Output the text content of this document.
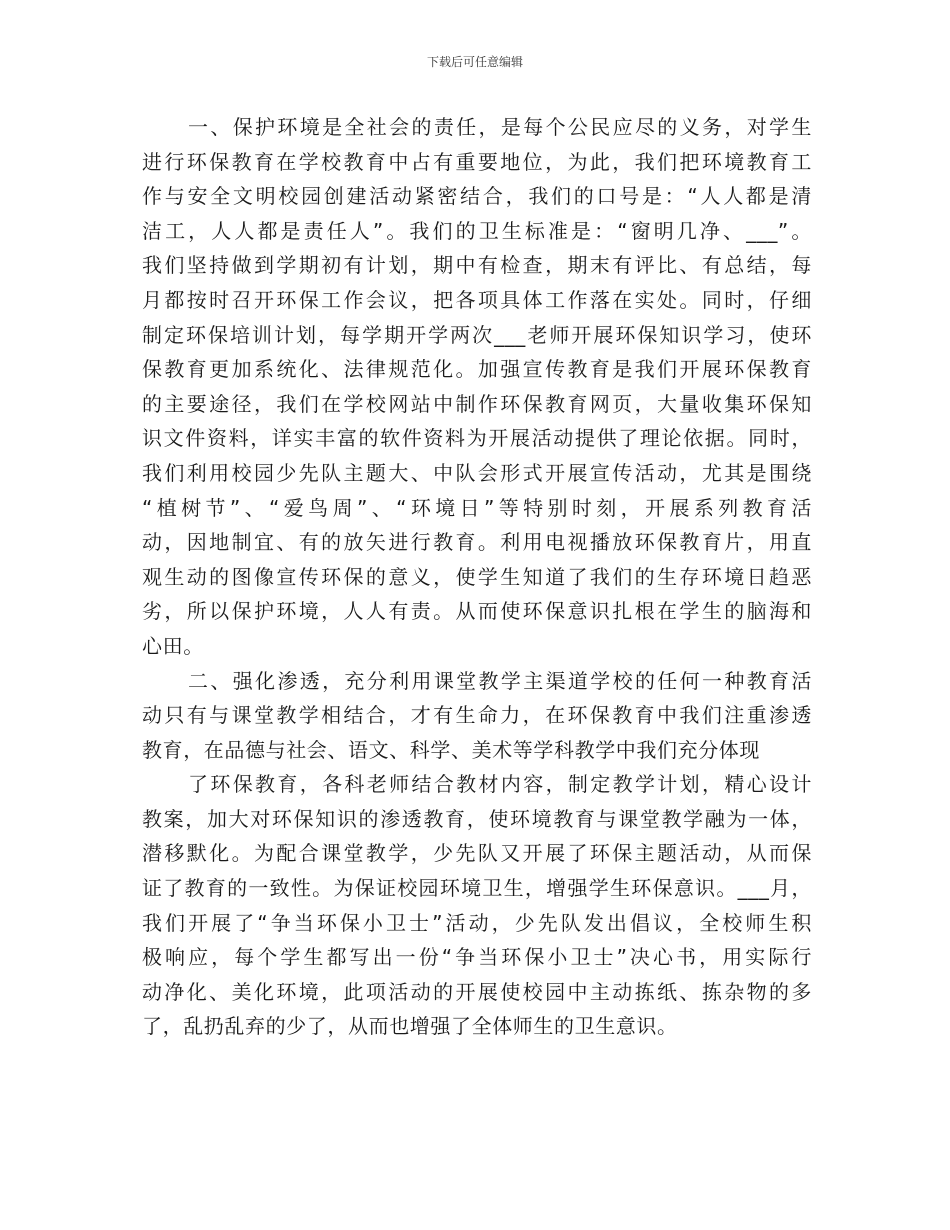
下载后可任意编辑
一、保护环境是全社会的责任，是每个公民应尽的义务，对学生
进行环保教育在学校教育中占有重要地位，为此，我们把环境教育工
作与安全文明校园创建活动紧密结合，我们的口号是：“人人都是清
洁工，人人都是责任人”。我们的卫生标准是：“窗明几净、___”。
我们坚持做到学期初有计划，期中有检查，期末有评比、有总结，每
月都按时召开环保工作会议，把各项具体工作落在实处。同时，仔细
制定环保培训计划，每学期开学两次___老师开展环保知识学习，使环
保教育更加系统化、法律规范化。加强宣传教育是我们开展环保教育
的主要途径，我们在学校网站中制作环保教育网页，大量收集环保知
识文件资料，详实丰富的软件资料为开展活动提供了理论依据。同时，
我们利用校园少先队主题大、中队会形式开展宣传活动，尤其是围绕
“植树节”、“爱鸟周”、“环境日”等特别时刻，开展系列教育活
动，因地制宜、有的放矢进行教育。利用电视播放环保教育片，用直
观生动的图像宣传环保的意义，使学生知道了我们的生存环境日趋恶
劣，所以保护环境，人人有责。从而使环保意识扎根在学生的脑海和
心田。
二、强化渗透，充分利用课堂教学主渠道学校的任何一种教育活
动只有与课堂教学相结合，才有生命力，在环保教育中我们注重渗透
教育，在品德与社会、语文、科学、美术等学科教学中我们充分体现
了环保教育，各科老师结合教材内容，制定教学计划，精心设计
教案，加大对环保知识的渗透教育，使环境教育与课堂教学融为一体，
潜移默化。为配合课堂教学，少先队又开展了环保主题活动，从而保
证了教育的一致性。为保证校园环境卫生，增强学生环保意识。___月，
我们开展了“争当环保小卫士”活动，少先队发出倡议，全校师生积
极响应，每个学生都写出一份“争当环保小卫士”决心书，用实际行
动净化、美化环境，此项活动的开展使校园中主动拣纸、拣杂物的多
了，乱扔乱弃的少了，从而也增强了全体师生的卫生意识。
